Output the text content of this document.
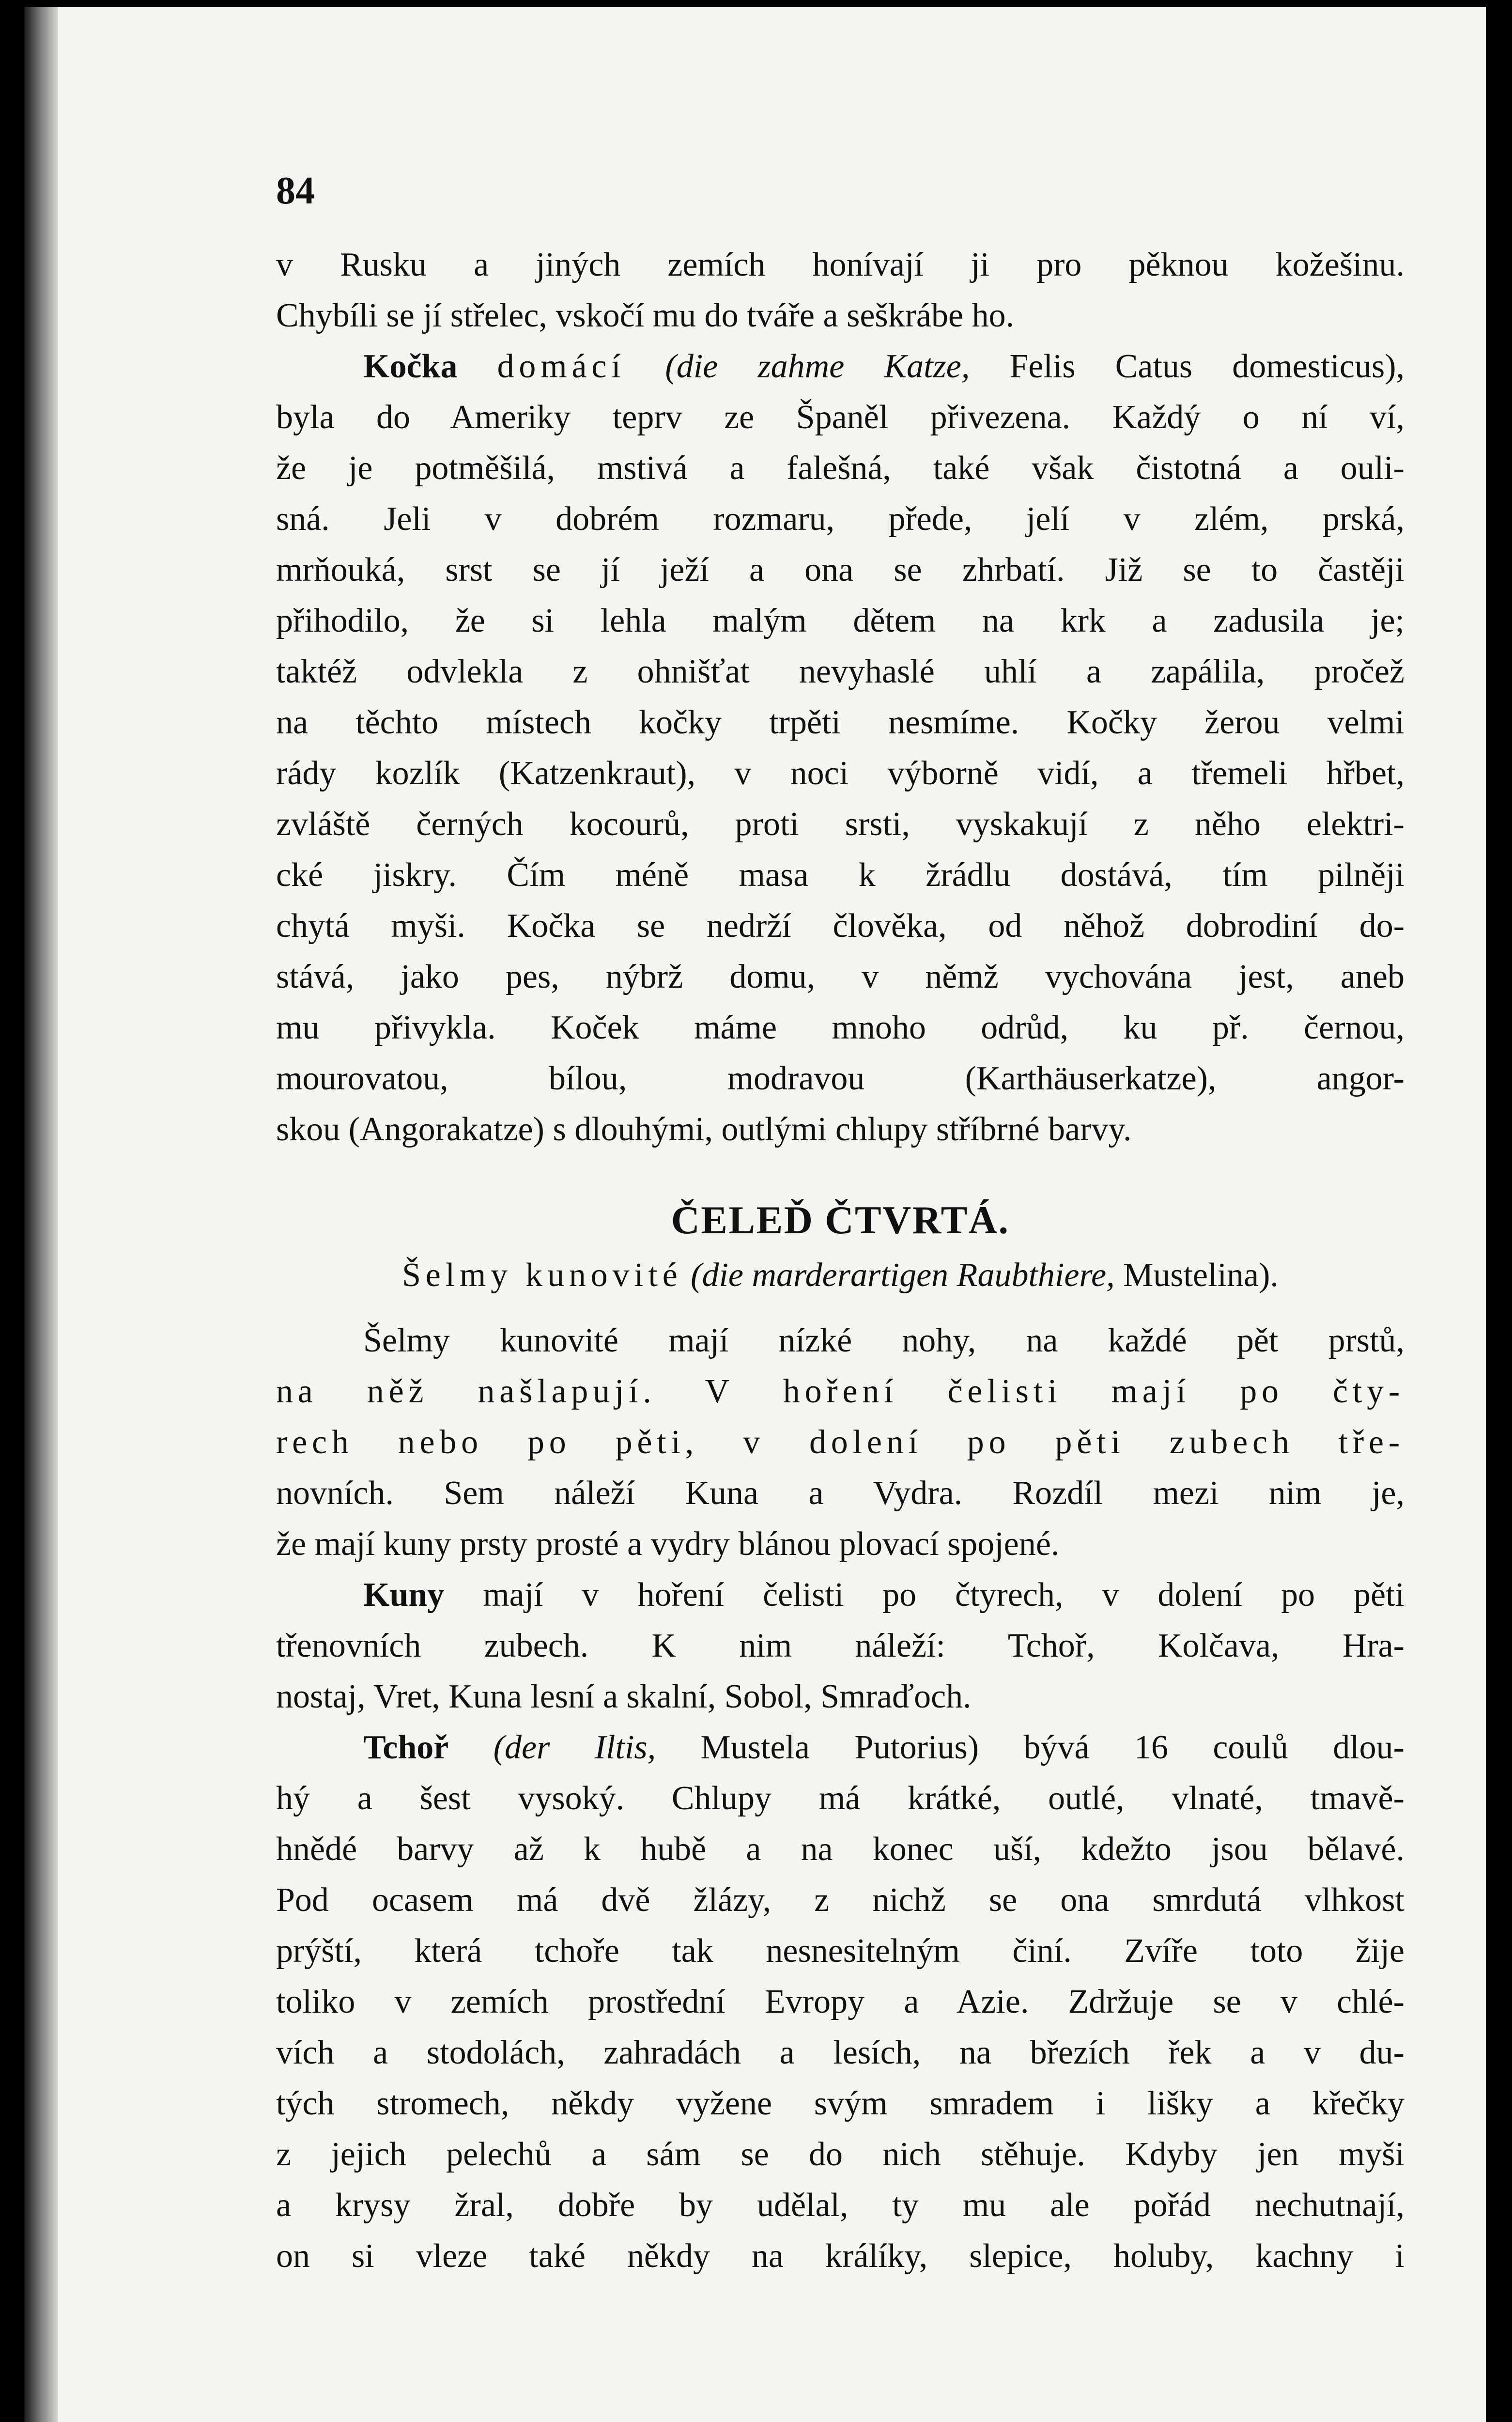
84

v Rusku a jiných zemích honívají ji pro pěknou kožešinu.

Chybíli se jí střelec, vskočí mu do tváře a seškrábe ho.

Kočka domácí (die zahme Katze, Felis Catus domesticus),

byla do Ameriky teprv ze Španěl přivezena. Každý o ní ví,

že je potměšilá, mstivá a falešná, také však čistotná a ouli-

sná. Jeli v dobrém rozmaru, přede, jelí v zlém, prská,

mrňouká, srst se jí ježí a ona se zhrbatí. Již se to častěji

přihodilo, že si lehla malým dětem na krk a zadusila je;

taktéž odvlekla z ohnišťat nevyhaslé uhlí a zapálila, pročež

na těchto místech kočky trpěti nesmíme. Kočky žerou velmi

rády kozlík (Katzenkraut), v noci výborně vidí, a třemeli hřbet,

zvláště černých kocourů, proti srsti, vyskakují z něho elektri-

cké jiskry. Čím méně masa k žrádlu dostává, tím pilněji

chytá myši. Kočka se nedrží člověka, od něhož dobrodiní do-

stává, jako pes, nýbrž domu, v němž vychována jest, aneb

mu přivykla. Koček máme mnoho odrůd, ku př. černou,

mourovatou, bílou, modravou (Karthäuserkatze), angor-

skou (Angorakatze) s dlouhými, outlými chlupy stříbrné barvy.

ČELEĎ ČTVRTÁ.
Šelmy kunovité (die marderartigen Raubthiere, Mustelina).

Šelmy kunovité mají nízké nohy, na každé pět prstů,

na něž našlapují. V hoření čelisti mají po čty-

rech nebo po pěti, v dolení po pěti zubech tře-

novních. Sem náleží Kuna a Vydra. Rozdíl mezi nim je,

že mají kuny prsty prosté a vydry blánou plovací spojené.

Kuny mají v hoření čelisti po čtyrech, v dolení po pěti

třenovních zubech. K nim náleží: Tchoř, Kolčava, Hra-

nostaj, Vret, Kuna lesní a skalní, Sobol, Smraďoch.

Tchoř (der Iltis, Mustela Putorius) bývá 16 coulů dlou-

hý a šest vysoký. Chlupy má krátké, outlé, vlnaté, tmavě-

hnědé barvy až k hubě a na konec uší, kdežto jsou bělavé.

Pod ocasem má dvě žlázy, z nichž se ona smrdutá vlhkost

prýští, která tchoře tak nesnesitelným činí. Zvíře toto žije

toliko v zemích prostřední Evropy a Azie. Zdržuje se v chlé-

vích a stodolách, zahradách a lesích, na březích řek a v du-

tých stromech, někdy vyžene svým smradem i lišky a křečky

z jejich pelechů a sám se do nich stěhuje. Kdyby jen myši

a krysy žral, dobře by udělal, ty mu ale pořád nechutnají,

on si vleze také někdy na králíky, slepice, holuby, kachny i
